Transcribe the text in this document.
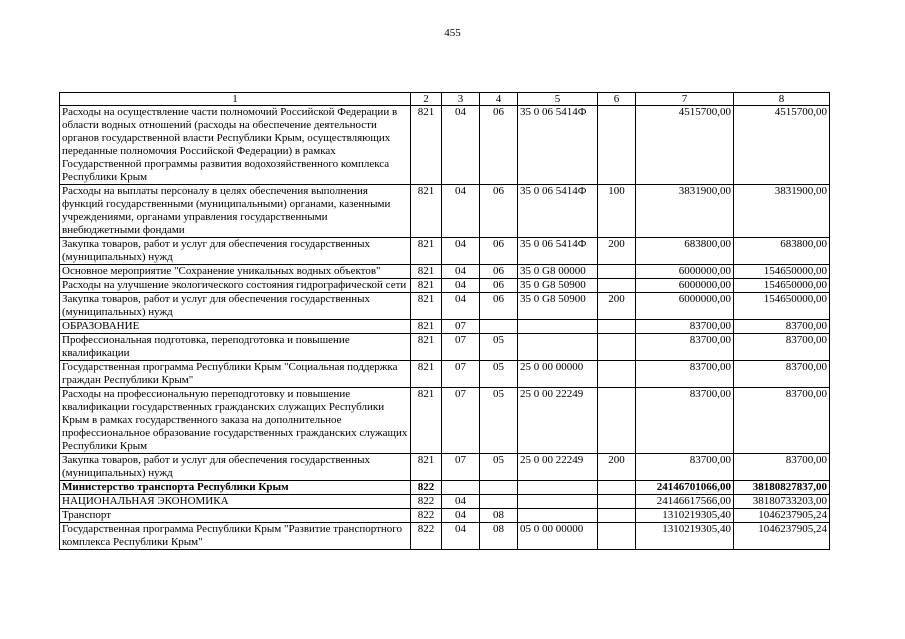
455
1	2	3	4	5	6	7	8
Расходы на осуществление части полномочий Российской Федерации в области водных отношений (расходы на обеспечение деятельности органов государственной власти Республики Крым, осуществляющих переданные полномочия Российской Федерации) в рамках Государственной программы развития водохозяйственного комплекса Республики Крым	821	04	06	35 0 06 5414Ф		4515700,00	4515700,00
Расходы на выплаты персоналу в целях обеспечения выполнения функций государственными (муниципальными) органами, казенными учреждениями, органами управления государственными внебюджетными фондами	821	04	06	35 0 06 5414Ф	100	3831900,00	3831900,00
Закупка товаров, работ и услуг для обеспечения государственных (муниципальных) нужд	821	04	06	35 0 06 5414Ф	200	683800,00	683800,00
Основное мероприятие "Сохранение уникальных водных объектов"	821	04	06	35 0 G8 00000		6000000,00	154650000,00
Расходы на улучшение экологического состояния гидрографической сети	821	04	06	35 0 G8 50900		6000000,00	154650000,00
Закупка товаров, работ и услуг для обеспечения государственных (муниципальных) нужд	821	04	06	35 0 G8 50900	200	6000000,00	154650000,00
ОБРАЗОВАНИЕ	821	07				83700,00	83700,00
Профессиональная подготовка, переподготовка и повышение квалификации	821	07	05			83700,00	83700,00
Государственная программа Республики Крым "Социальная поддержка граждан Республики Крым"	821	07	05	25 0 00 00000		83700,00	83700,00
Расходы на профессиональную переподготовку и повышение квалификации государственных гражданских служащих Республики Крым в рамках государственного заказа на дополнительное профессиональное образование государственных гражданских служащих Республики Крым	821	07	05	25 0 00 22249		83700,00	83700,00
Закупка товаров, работ и услуг для обеспечения государственных (муниципальных) нужд	821	07	05	25 0 00 22249	200	83700,00	83700,00
Министерство транспорта Республики Крым	822					24146701066,00	38180827837,00
НАЦИОНАЛЬНАЯ ЭКОНОМИКА	822	04				24146617566,00	38180733203,00
Транспорт	822	04	08			1310219305,40	1046237905,24
Государственная программа Республики Крым "Развитие транспортного комплекса Республики Крым"	822	04	08	05 0 00 00000		1310219305,40	1046237905,24
